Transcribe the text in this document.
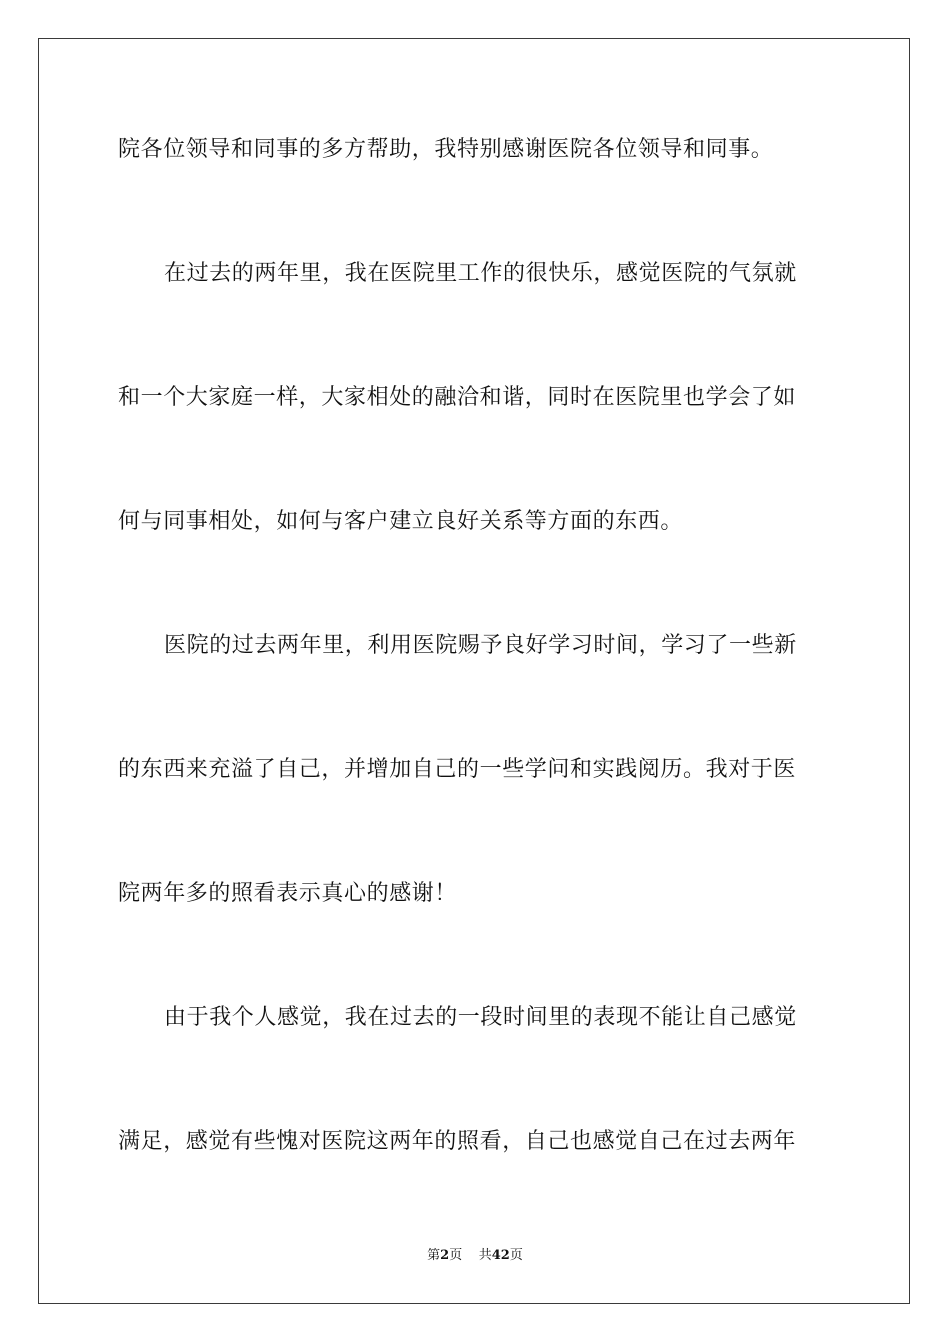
院各位领导和同事的多方帮助，我特别感谢医院各位领导和同事。
在过去的两年里，我在医院里工作的很快乐，感觉医院的气氛就
和一个大家庭一样，大家相处的融洽和谐，同时在医院里也学会了如
何与同事相处，如何与客户建立良好关系等方面的东西。
医院的过去两年里，利用医院赐予良好学习时间，学习了一些新
的东西来充溢了自己，并增加自己的一些学问和实践阅历。我对于医
院两年多的照看表示真心的感谢！
由于我个人感觉，我在过去的一段时间里的表现不能让自己感觉
满足，感觉有些愧对医院这两年的照看，自己也感觉自己在过去两年
第2页 共42页
